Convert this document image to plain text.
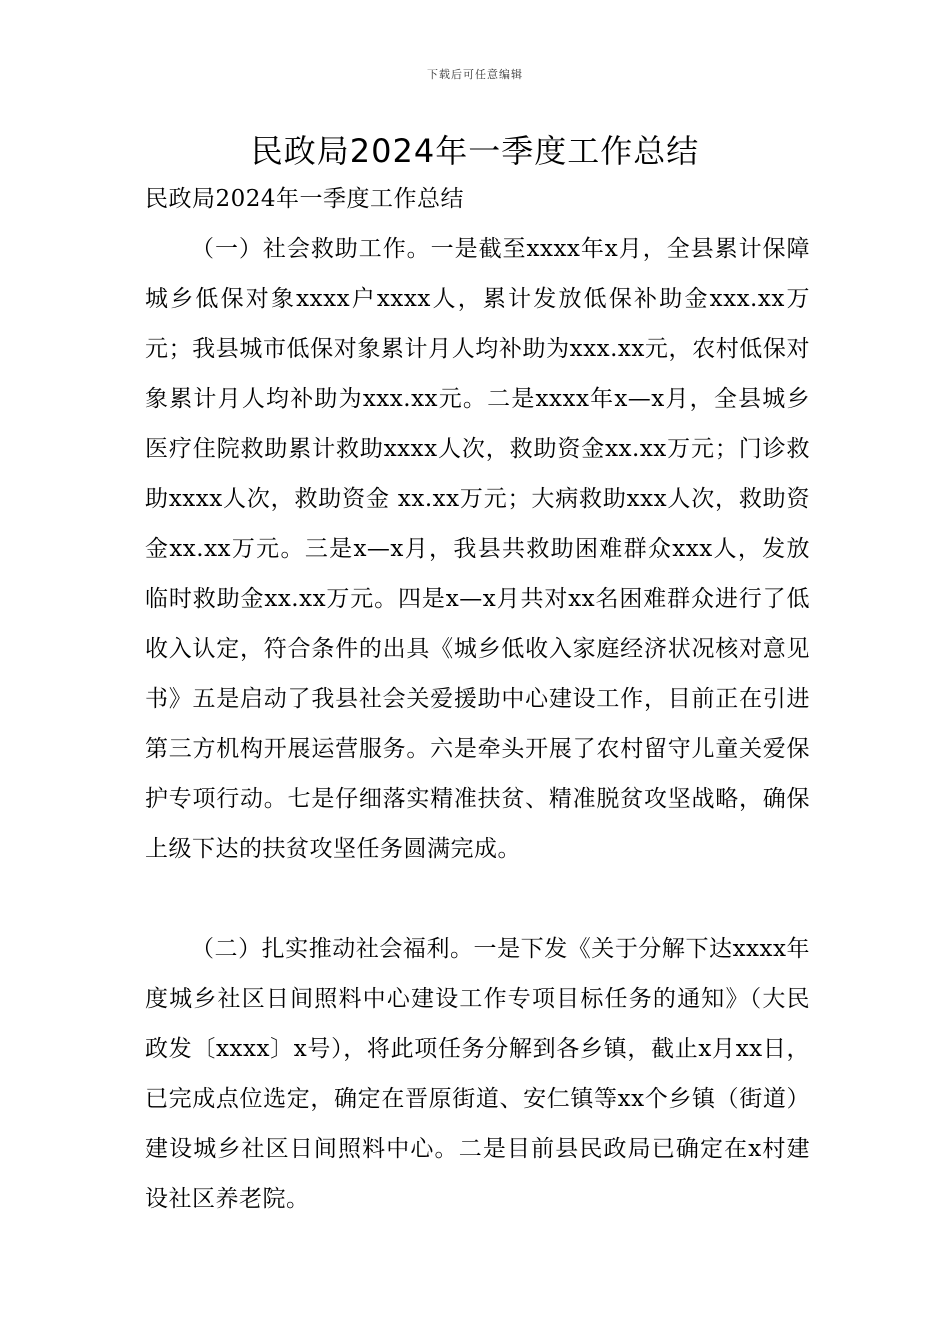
下载后可任意编辑
民政局2024年一季度工作总结
民政局2024年一季度工作总结

（一）社会救助工作。一是截至xxxx年x月，全县累计保障城乡低保对象xxxx户xxxx人，累计发放低保补助金xxx.xx万元；我县城市低保对象累计月人均补助为xxx.xx元，农村低保对象累计月人均补助为xxx.xx元。二是xxxx年x—x月，全县城乡医疗住院救助累计救助xxxx人次，救助资金xx.xx万元；门诊救助xxxx人次，救助资金 xx.xx万元；大病救助xxx人次，救助资金xx.xx万元。三是x—x月，我县共救助困难群众xxx人，发放临时救助金xx.xx万元。四是x—x月共对xx名困难群众进行了低收入认定，符合条件的出具《城乡低收入家庭经济状况核对意见书》五是启动了我县社会关爱援助中心建设工作，目前正在引进第三方机构开展运营服务。六是牵头开展了农村留守儿童关爱保护专项行动。七是仔细落实精准扶贫、精准脱贫攻坚战略，确保上级下达的扶贫攻坚任务圆满完成。

（二）扎实推动社会福利。一是下发《关于分解下达xxxx年度城乡社区日间照料中心建设工作专项目标任务的通知》（大民政发〔xxxx〕x号），将此项任务分解到各乡镇，截止x月xx日，已完成点位选定，确定在晋原街道、安仁镇等xx个乡镇（街道）建设城乡社区日间照料中心。二是目前县民政局已确定在x村建设社区养老院。
